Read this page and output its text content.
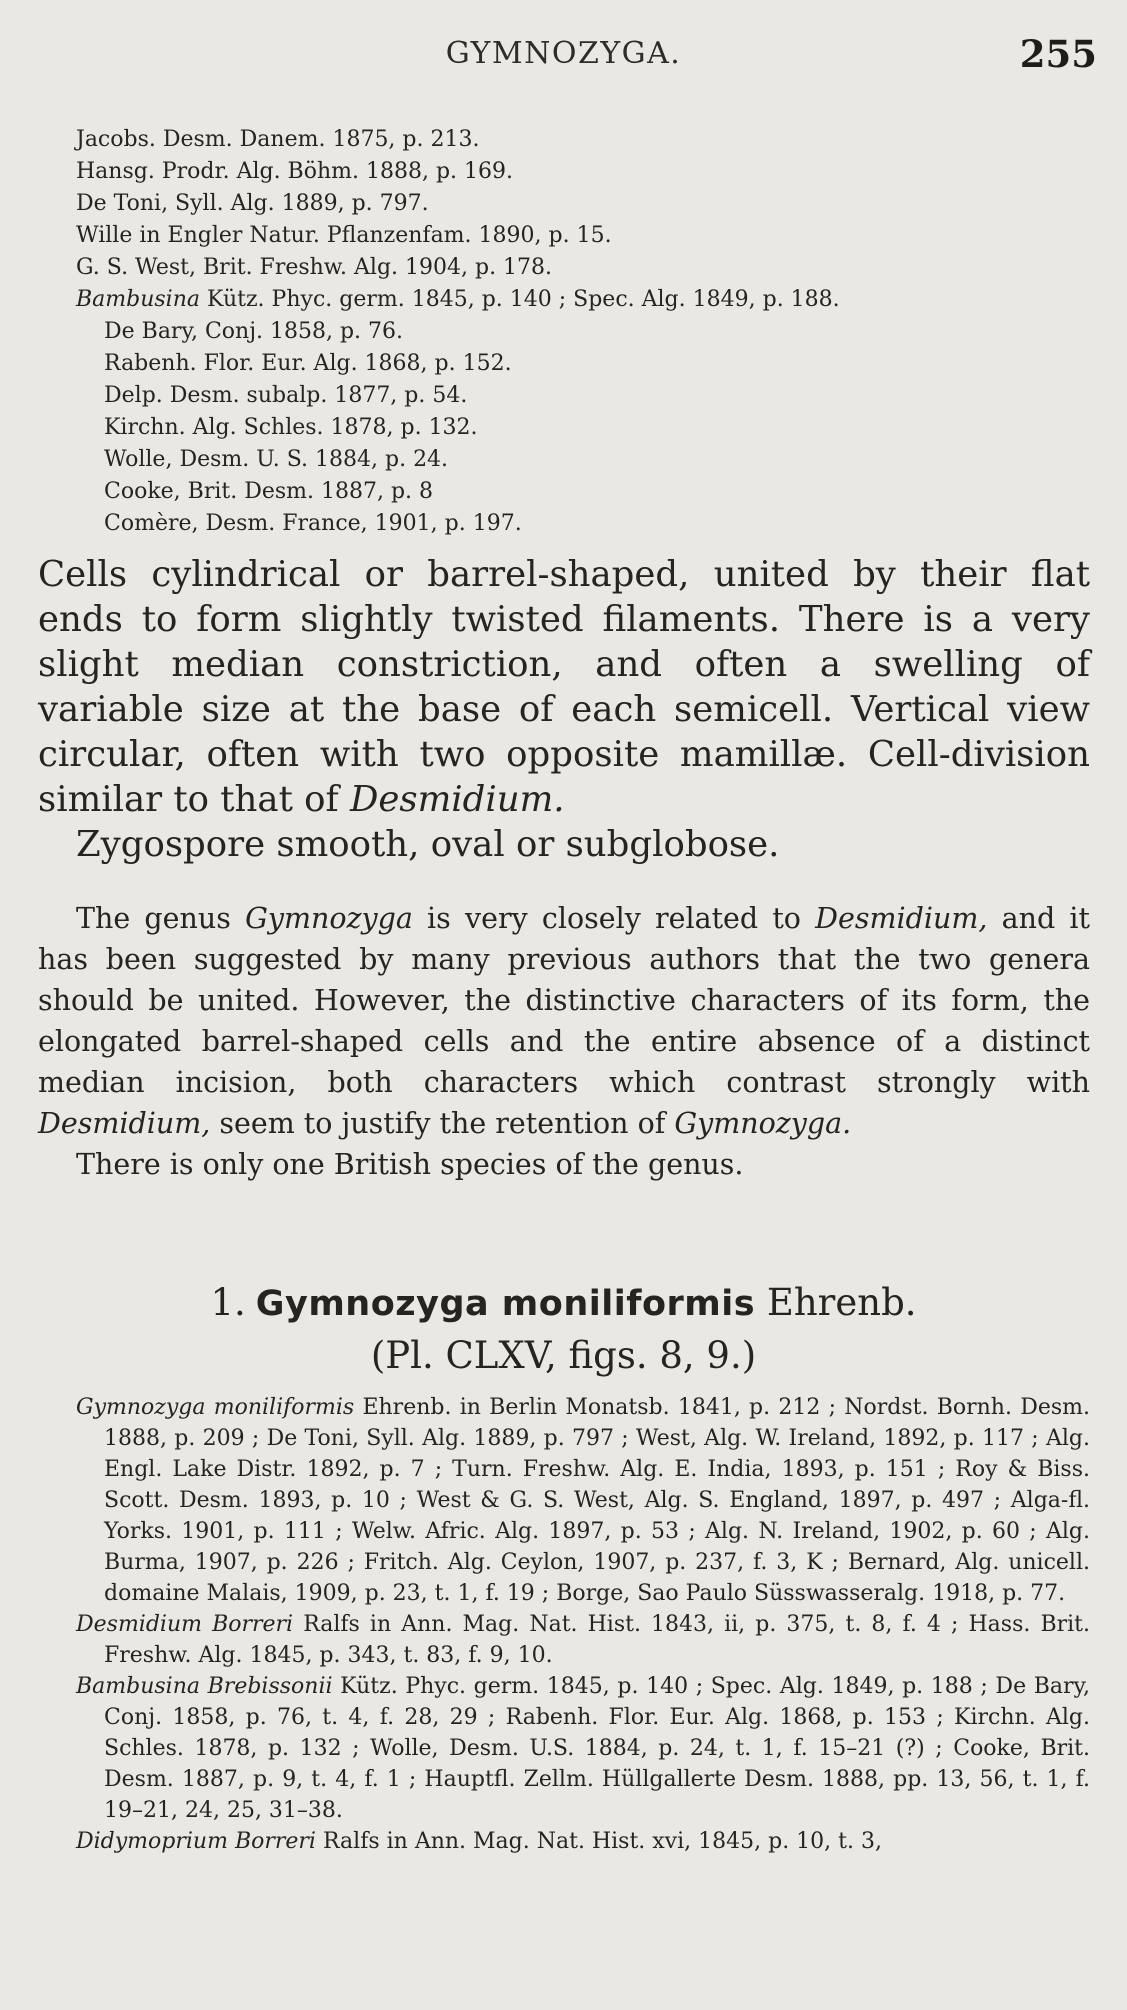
GYMNOZYGA.	255
Jacobs. Desm. Danem. 1875, p. 213.
Hansg. Prodr. Alg. Böhm. 1888, p. 169.
De Toni, Syll. Alg. 1889, p. 797.
Wille in Engler Natur. Pflanzenfam. 1890, p. 15.
G. S. West, Brit. Freshw. Alg. 1904, p. 178.
Bambusina Kütz. Phyc. germ. 1845, p. 140 ; Spec. Alg. 1849, p. 188.
De Bary, Conj. 1858, p. 76.
Rabenh. Flor. Eur. Alg. 1868, p. 152.
Delp. Desm. subalp. 1877, p. 54.
Kirchn. Alg. Schles. 1878, p. 132.
Wolle, Desm. U. S. 1884, p. 24.
Cooke, Brit. Desm. 1887, p. 8
Comère, Desm. France, 1901, p. 197.

Cells cylindrical or barrel-shaped, united by their flat ends to form slightly twisted filaments. There is a very slight median constriction, and often a swelling of variable size at the base of each semicell. Vertical view circular, often with two opposite mamillæ. Cell-division similar to that of Desmidium.

Zygospore smooth, oval or subglobose.

The genus Gymnozyga is very closely related to Desmidium, and it has been suggested by many previous authors that the two genera should be united. However, the distinctive characters of its form, the elongated barrel-shaped cells and the entire absence of a distinct median incision, both characters which contrast strongly with Desmidium, seem to justify the retention of Gymnozyga.

There is only one British species of the genus.

1. Gymnozyga moniliformis Ehrenb.
(Pl. CLXV, figs. 8, 9.)

Gymnozyga moniliformis Ehrenb. in Berlin Monatsb. 1841, p. 212 ; Nordst. Bornh. Desm. 1888, p. 209 ; De Toni, Syll. Alg. 1889, p. 797 ; West, Alg. W. Ireland, 1892, p. 117 ; Alg. Engl. Lake Distr. 1892, p. 7 ; Turn. Freshw. Alg. E. India, 1893, p. 151 ; Roy & Biss. Scott. Desm. 1893, p. 10 ; West & G. S. West, Alg. S. England, 1897, p. 497 ; Alga-fl. Yorks. 1901, p. 111 ; Welw. Afric. Alg. 1897, p. 53 ; Alg. N. Ireland, 1902, p. 60 ; Alg. Burma, 1907, p. 226 ; Fritch. Alg. Ceylon, 1907, p. 237, f. 3, K ; Bernard, Alg. unicell. domaine Malais, 1909, p. 23, t. 1, f. 19 ; Borge, Sao Paulo Süsswasseralg. 1918, p. 77.

Desmidium Borreri Ralfs in Ann. Mag. Nat. Hist. 1843, ii, p. 375, t. 8, f. 4 ; Hass. Brit. Freshw. Alg. 1845, p. 343, t. 83, f. 9, 10.

Bambusina Brebissonii Kütz. Phyc. germ. 1845, p. 140 ; Spec. Alg. 1849, p. 188 ; De Bary, Conj. 1858, p. 76, t. 4, f. 28, 29 ; Rabenh. Flor. Eur. Alg. 1868, p. 153 ; Kirchn. Alg. Schles. 1878, p. 132 ; Wolle, Desm. U.S. 1884, p. 24, t. 1, f. 15–21 (?) ; Cooke, Brit. Desm. 1887, p. 9, t. 4, f. 1 ; Hauptfl. Zellm. Hüllgallerte Desm. 1888, pp. 13, 56, t. 1, f. 19–21, 24, 25, 31–38.

Didymoprium Borreri Ralfs in Ann. Mag. Nat. Hist. xvi, 1845, p. 10, t. 3,
